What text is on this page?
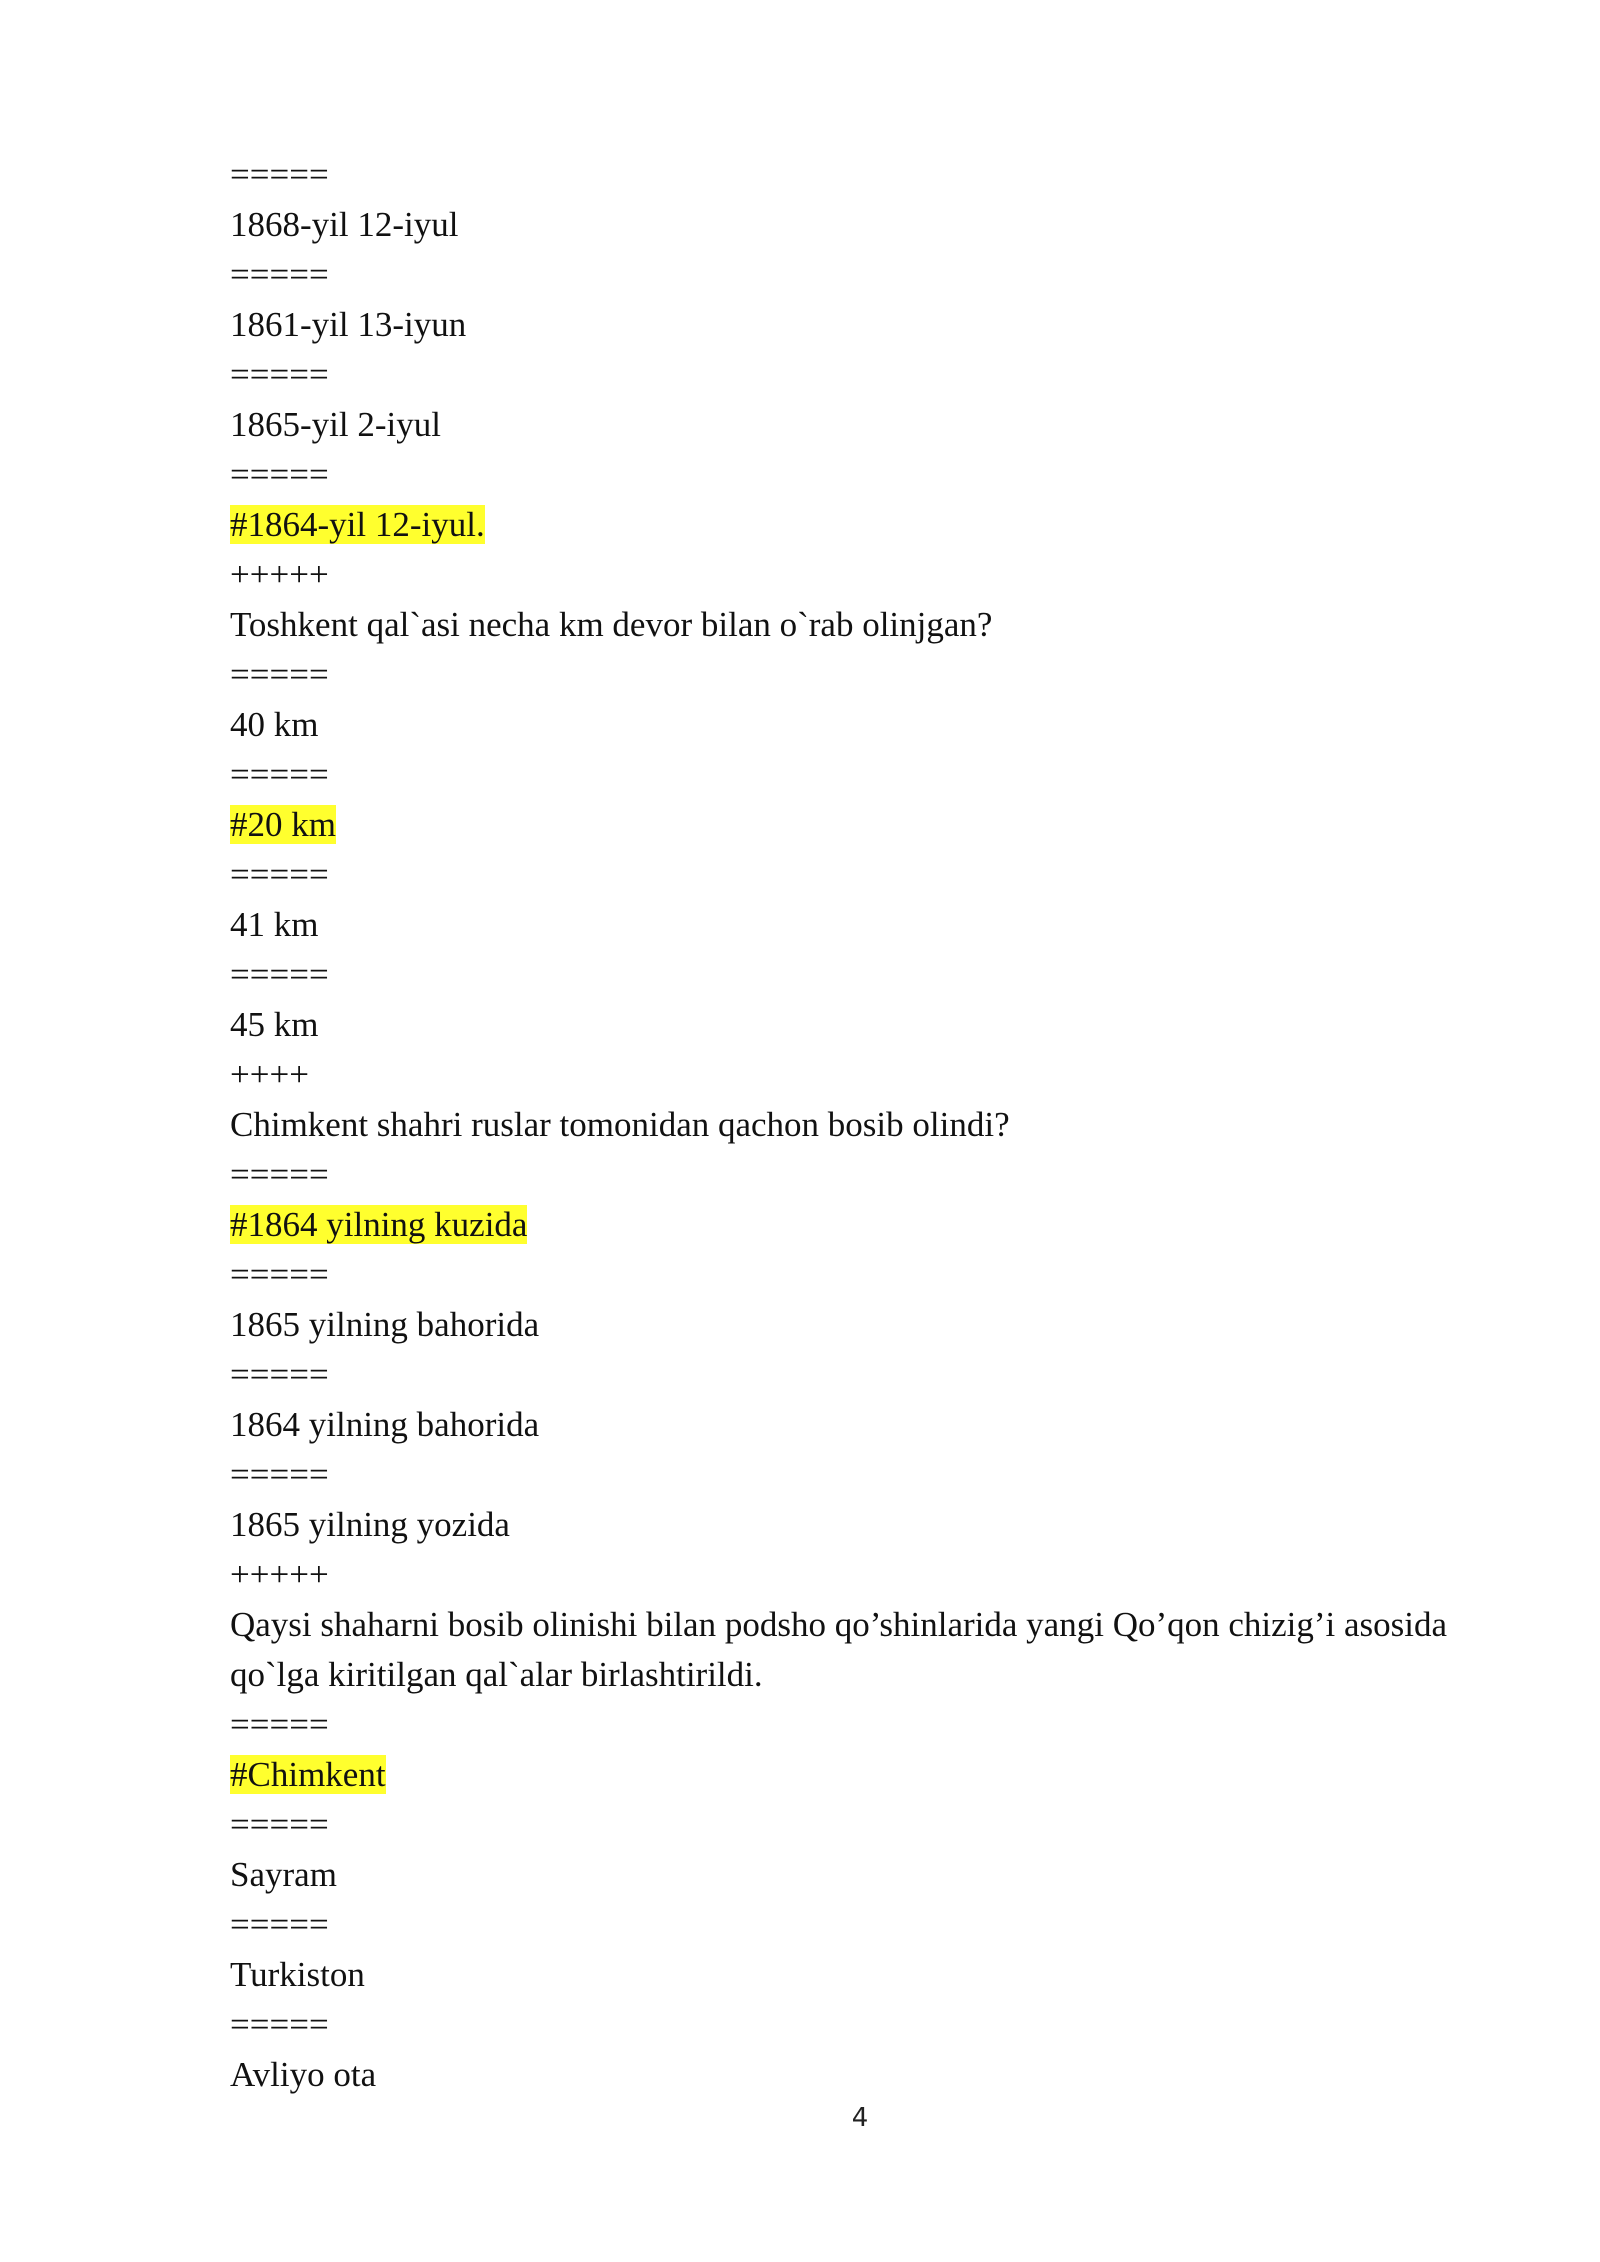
=====
1868-yil 12-iyul
=====
1861-yil 13-iyun
=====
1865-yil 2-iyul
=====
#1864-yil 12-iyul.
+++++
Toshkent qal`asi necha km devor bilan o`rab olinjgan?
=====
40 km
=====
#20 km
=====
41 km
=====
45 km
++++
Chimkent shahri ruslar tomonidan qachon bosib olindi?
=====
#1864 yilning kuzida
=====
1865 yilning bahorida
=====
1864 yilning bahorida
=====
1865 yilning yozida
+++++
Qaysi shaharni bosib olinishi bilan podsho qo’shinlarida yangi Qo’qon chizig’i asosida qo`lga kiritilgan qal`alar birlashtirildi.
=====
#Chimkent
=====
Sayram
=====
Turkiston
=====
Avliyo ota
4
